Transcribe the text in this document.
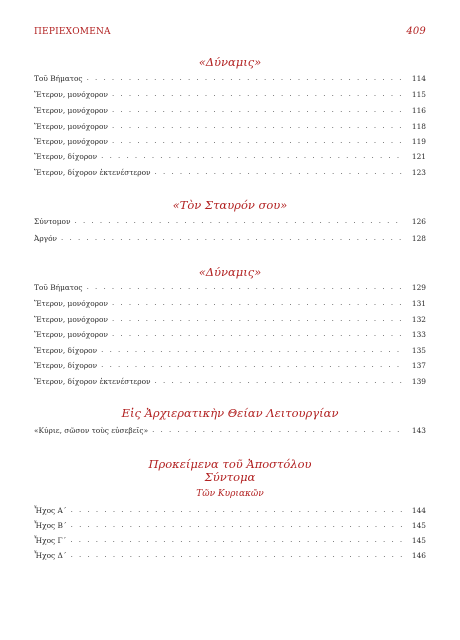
ΠΕΡΙΕΧΟΜΕΝΑ	409
«Δύναμις»
Τοῦ Βήματος . . .	114
Ἕτερον, μονόχορον . . .	115
Ἕτερον, μονόχορον . . .	116
Ἕτερον, μονόχορον . . .	118
Ἕτερον, μονόχορον . . .	119
Ἕτερον, δίχορον . . .	121
Ἕτερον, δίχορον ἐκτενέστερον . . .	123
«Τὸν Σταυρόν σου»
Σύντομον . . .	126
Ἀργόν . . .	128
«Δύναμις»
Τοῦ Βήματος . . .	129
Ἕτερον, μονόχορον . . .	131
Ἕτερον, μονόχορον . . .	132
Ἕτερον, μονόχορον . . .	133
Ἕτερον, δίχορον . . .	135
Ἕτερον, δίχορον . . .	137
Ἕτερον, δίχορον ἐκτενέστερον . . .	139
Εἰς Ἀρχιερατικὴν Θείαν Λειτουργίαν
«Κύριε, σῶσον τοὺς εὐσεβεῖς» . . .	143
Προκείμενα τοῦ Ἀποστόλου
Σύντομα
Τῶν Κυριακῶν
Ἦχος Α΄ . . .	144
Ἦχος Β΄ . . .	145
Ἦχος Γ΄ . . .	145
Ἦχος Δ΄ . . .	146
